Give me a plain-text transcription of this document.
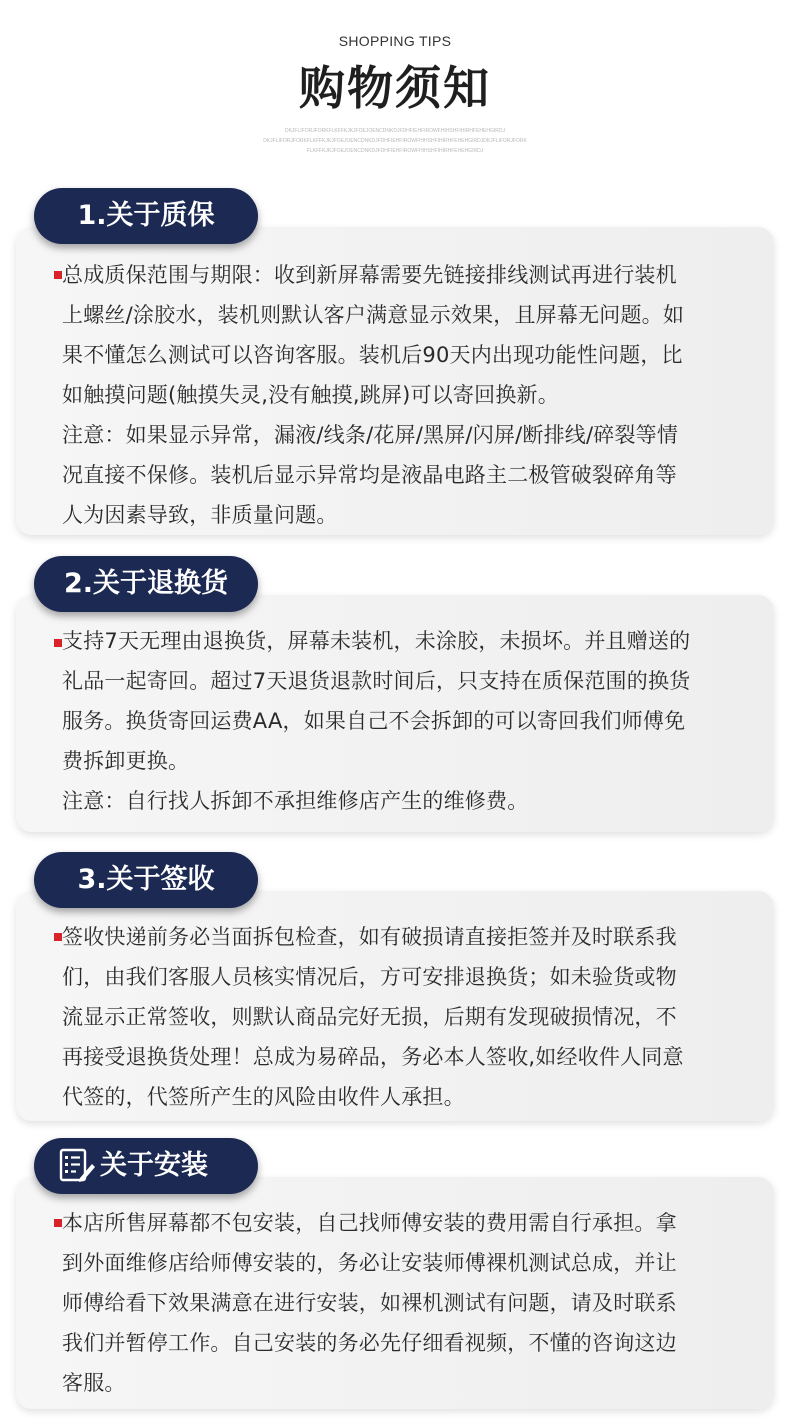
SHOPPING TIPS
购物须知
DKJFLIFORJFORKFLKFFKJKJFOEJOENCDNKDJFDHFIEHFIROWFHIHSHFIHIRHFEHEHGIRDJ
DKJFLIFORJFORKFLKFFKJKJFOEJOENCDNKDJFDHFIEHFIROWFHIHSHFIHIRHFEHEHGIRDJDKJFLIFORJFORK
FLKFFKJKJFOEJOENCDNKDJFDHFIEHFIROWFHIHSHFIHIRHFEHEHGIRDJ
总成质保范围与期限：收到新屏幕需要先链接排线测试再进行装机
上螺丝/涂胶水，装机则默认客户满意显示效果，且屏幕无问题。如
果不懂怎么测试可以咨询客服。装机后90天内出现功能性问题，比
如触摸问题(触摸失灵,没有触摸,跳屏)可以寄回换新。
注意：如果显示异常，漏液/线条/花屏/黑屏/闪屏/断排线/碎裂等情
况直接不保修。装机后显示异常均是液晶电路主二极管破裂碎角等
人为因素导致，非质量问题。
1.关于质保
支持7天无理由退换货，屏幕未装机，未涂胶，未损坏。并且赠送的
礼品一起寄回。超过7天退货退款时间后，只支持在质保范围的换货
服务。换货寄回运费AA，如果自己不会拆卸的可以寄回我们师傅免
费拆卸更换。
注意：自行找人拆卸不承担维修店产生的维修费。
2.关于退换货
签收快递前务必当面拆包检查，如有破损请直接拒签并及时联系我
们，由我们客服人员核实情况后，方可安排退换货；如未验货或物
流显示正常签收，则默认商品完好无损，后期有发现破损情况，不
再接受退换货处理！总成为易碎品，务必本人签收,如经收件人同意
代签的，代签所产生的风险由收件人承担。
3.关于签收
本店所售屏幕都不包安装，自己找师傅安装的费用需自行承担。拿
到外面维修店给师傅安装的，务必让安装师傅裸机测试总成，并让
师傅给看下效果满意在进行安装，如裸机测试有问题，请及时联系
我们并暂停工作。自己安装的务必先仔细看视频，不懂的咨询这边
客服。
关于安装
